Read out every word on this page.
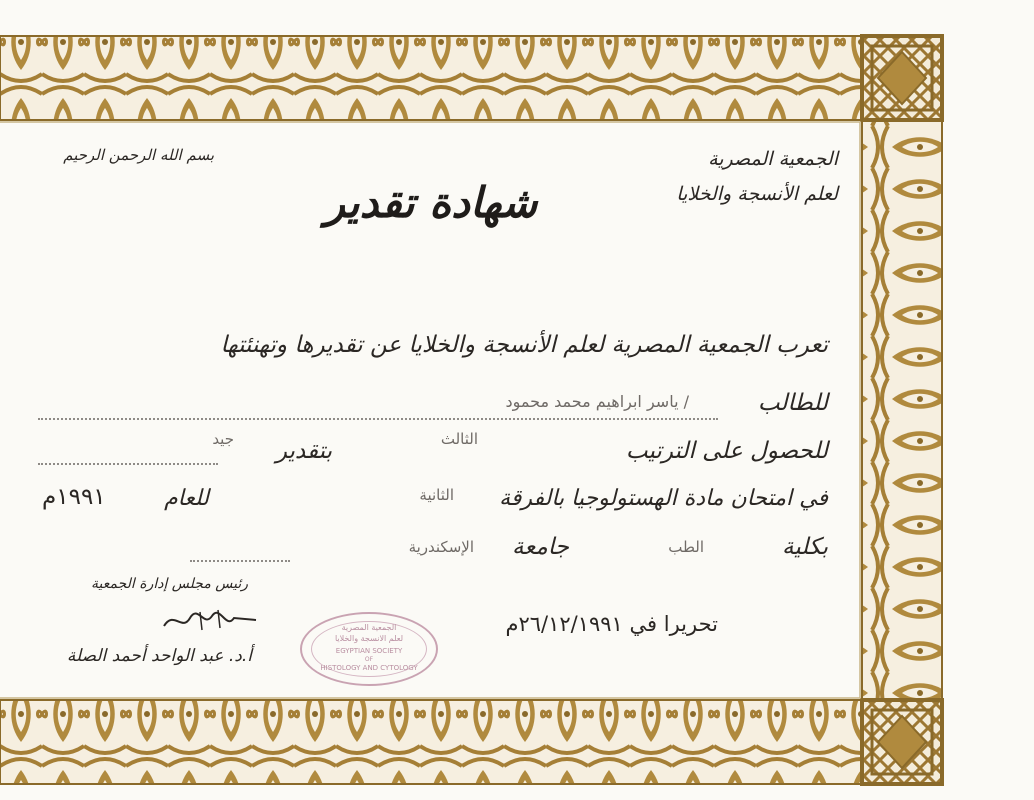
الجمعية المصرية
لعلم الأنسجة والخلايا
بسم الله الرحمن الرحيم
شهادة تقدير
تعرب الجمعية المصرية لعلم الأنسجة والخلايا عن تقديرها وتهنئتها
للطالب
/ ياسر ابراهيم محمد محمود
للحصول على الترتيب
الثالث
بتقدير
جيد
في امتحان مادة الهستولوجيا بالفرقة
الثانية
للعام
١٩٩١م
بكلية
الطب
جامعة
الإسكندرية
تحريرا في ٢٦/١٢/١٩٩١م
رئيس مجلس إدارة الجمعية
أ.د. عبد الواحد أحمد الصلة
الجمعية المصرية
لعلم الانسجة والخلايا
EGYPTIAN SOCIETY
OF
HISTOLOGY AND CYTOLOGY
